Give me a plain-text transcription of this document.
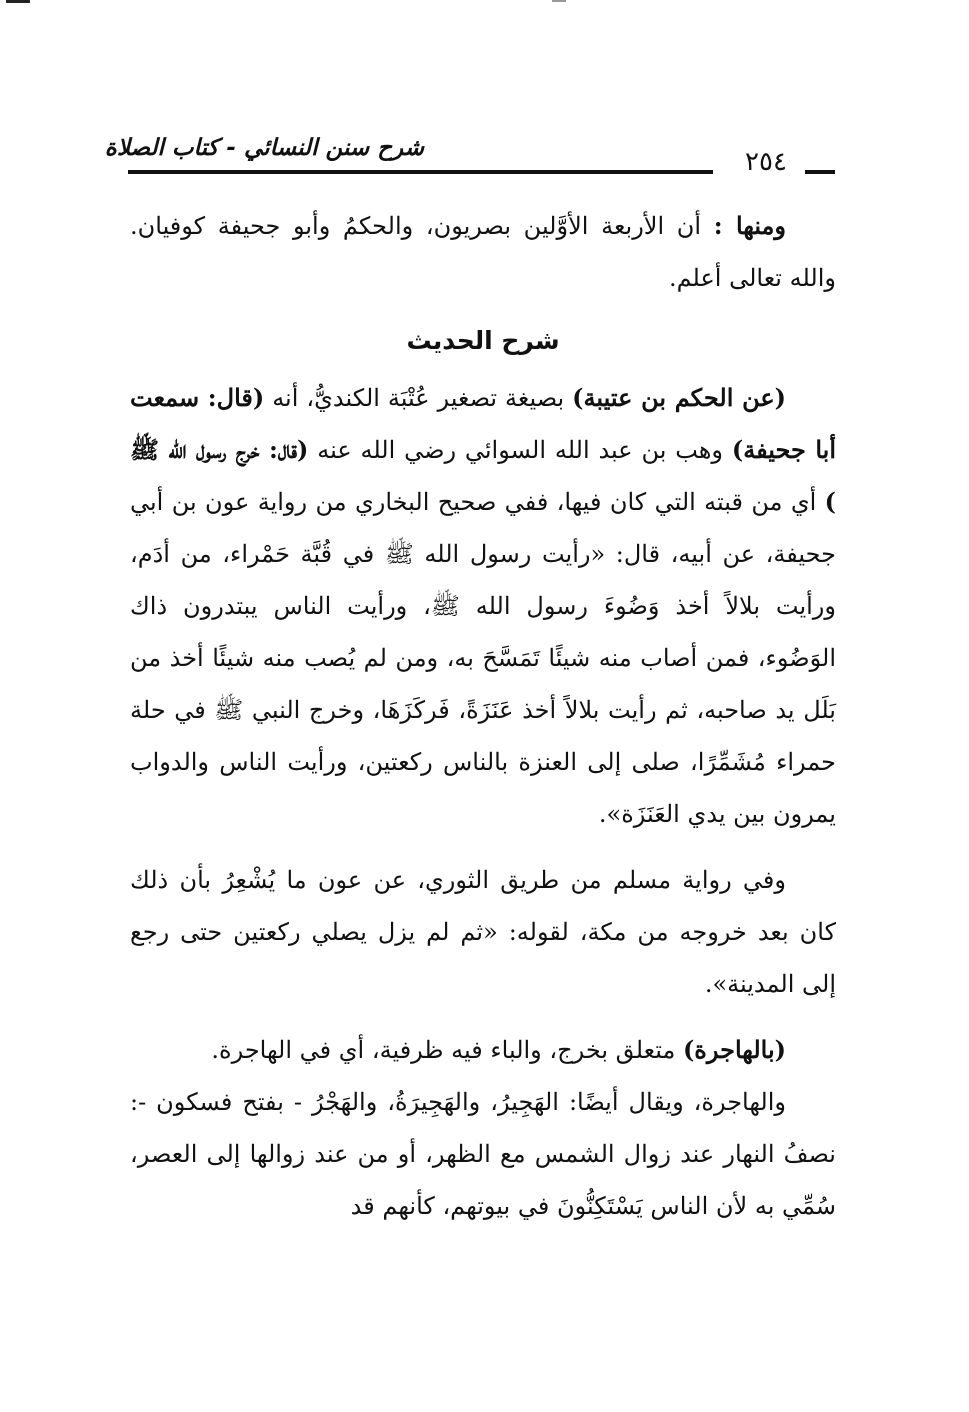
شرح سنن النسائي - كتاب الصلاة	٢٥٤

ومنها : أن الأربعة الأوَّلين بصريون، والحكمُ وأبو جحيفة كوفيان. والله تعالى أعلم.

شرح الحديث

(عن الحكم بن عتيبة) بصيغة تصغير عُتْبَة الكنديُّ، أنه (قال: سمعت أبا جحيفة) وهب بن عبد الله السوائي رضي الله عنه (قال: خرج رسول الله ﷺ ) أي من قبته التي كان فيها، ففي صحيح البخاري من رواية عون بن أبي جحيفة، عن أبيه، قال: «رأيت رسول الله ﷺ في قُبَّة حَمْراء، من أدَم، ورأيت بلالاً أخذ وَضُوءَ رسول الله ﷺ، ورأيت الناس يبتدرون ذاك الوَضُوء، فمن أصاب منه شيئًا تَمَسَّحَ به، ومن لم يُصب منه شيئًا أخذ من بَلَل يد صاحبه، ثم رأيت بلالاً أخذ عَنَزَةً، فَركَزَهَا، وخرج النبي ﷺ في حلة حمراء مُشَمِّرًا، صلى إلى العنزة بالناس ركعتين، ورأيت الناس والدواب يمرون بين يدي العَنَزَة».

وفي رواية مسلم من طريق الثوري، عن عون ما يُشْعِرُ بأن ذلك كان بعد خروجه من مكة، لقوله: «ثم لم يزل يصلي ركعتين حتى رجع إلى المدينة».

(بالهاجرة) متعلق بخرج، والباء فيه ظرفية، أي في الهاجرة.

والهاجرة، ويقال أيضًا: الهَجِيرُ، والهَجِيرَةُ، والهَجْرُ - بفتح فسكون -: نصفُ النهار عند زوال الشمس مع الظهر، أو من عند زوالها إلى العصر، سُمِّي به لأن الناس يَسْتَكِنُّونَ في بيوتهم، كأنهم قد
